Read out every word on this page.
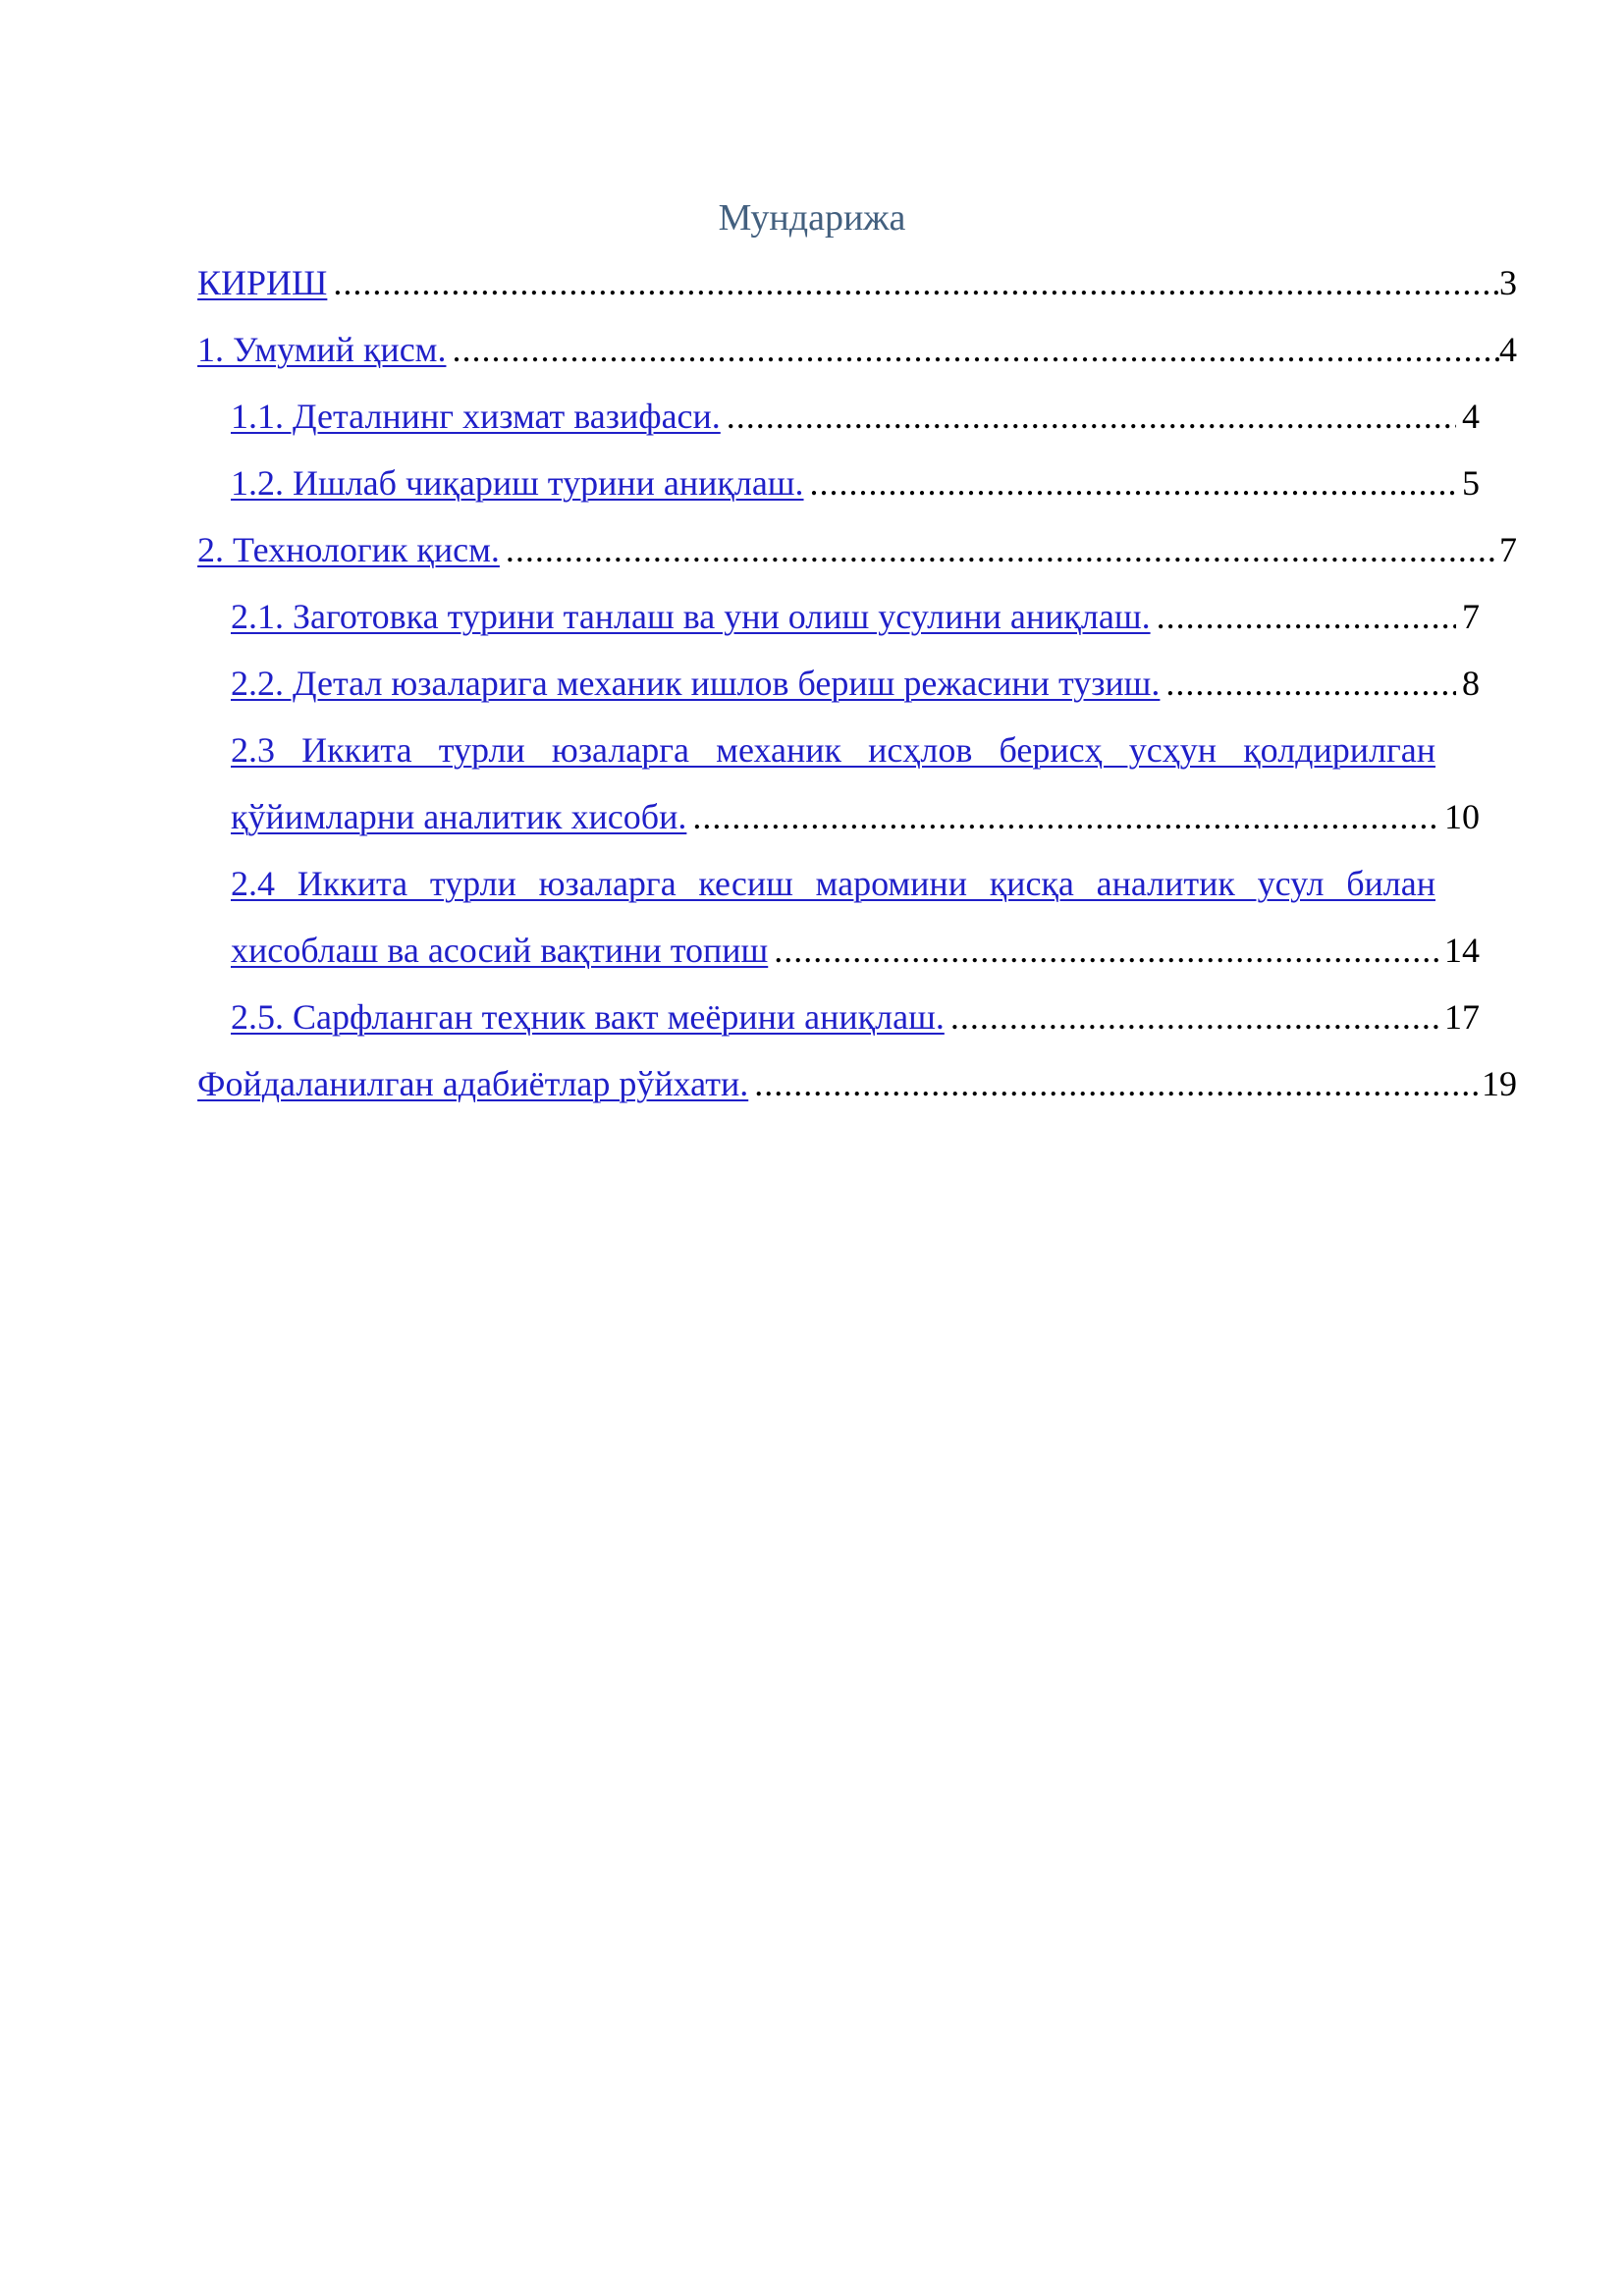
Мундарижа
КИРИШ .....	3
1. Умумий қисм. .....	4
1.1. Деталнинг хизмат вазифаси. .....	4
1.2. Ишлаб чиқариш турини аниқлаш. .....	5
2. Технологик қисм. .....	7
2.1. Заготовка турини танлаш ва уни олиш усулини аниқлаш. .....	7
2.2. Детал юзаларига механик ишлов бериш режасини тузиш. .....	8
2.3 Иккита турли юзаларга механик исҳлов берисҳ усҳун қолдирилган
қўйимларни аналитик хисоби. .....	10
2.4 Иккита турли юзаларга кесиш маромини қисқа аналитик усул билан
хисоблаш ва асосий вақтини топиш .....	14
2.5. Сарфланган теҳник вакт меёрини аниқлаш. .....	17
Фойдаланилган адабиётлар рўйхати. .....	19
